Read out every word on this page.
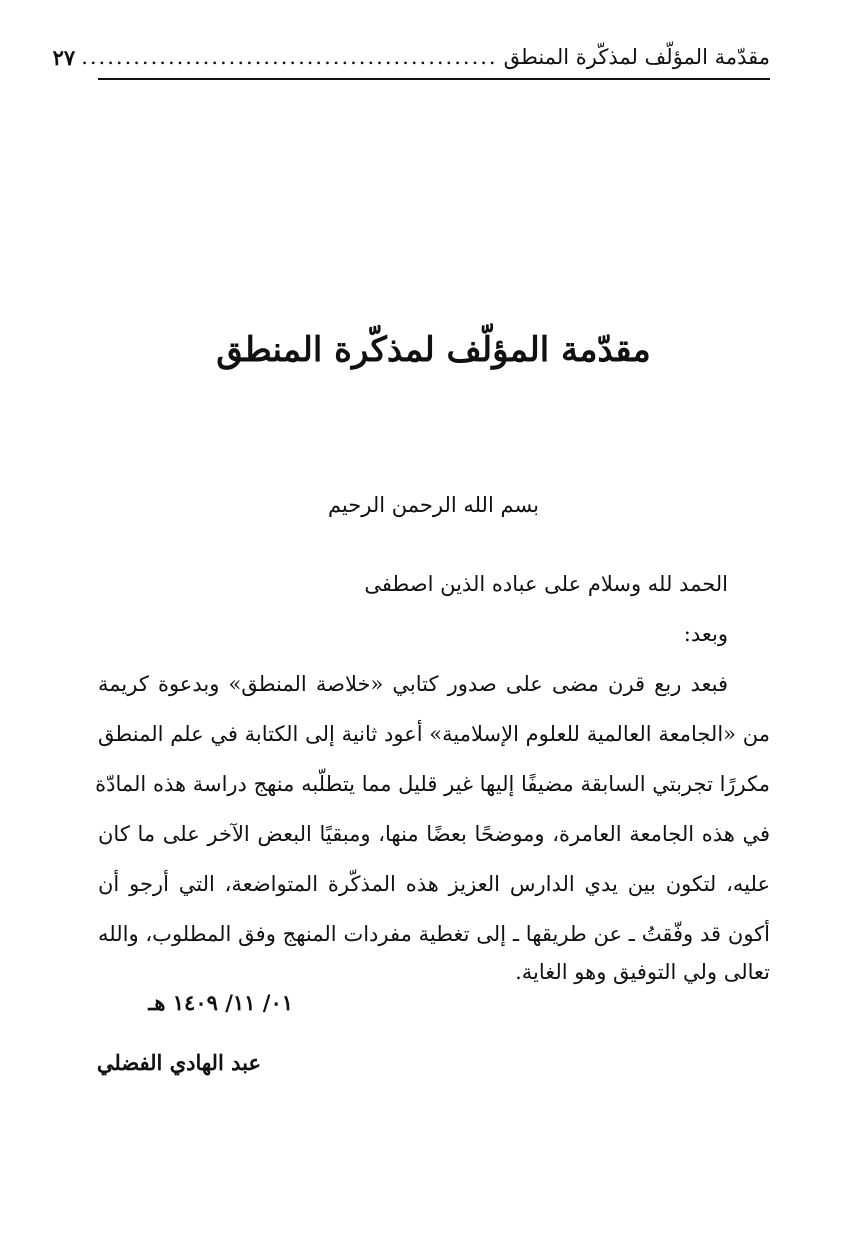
مقدّمة المؤلّف لمذكّرة المنطق
................................................
٢٧
مقدّمة المؤلّف لمذكّرة المنطق
بسم الله الرحمن الرحيم
الحمد لله وسلام على عباده الذين اصطفى
وبعد:
فبعد ربع قرن مضى على صدور كتابي «خلاصة المنطق» وبدعوة كريمة
من «الجامعة العالمية للعلوم الإسلامية» أعود ثانية إلى الكتابة في علم المنطق
مكررًا تجربتي السابقة مضيفًا إليها غير قليل مما يتطلّبه منهج دراسة هذه المادّة
في هذه الجامعة العامرة، وموضحًا بعضًا منها، ومبقيًا البعض الآخر على ما كان
عليه، لتكون بين يدي الدارس العزيز هذه المذكّرة المتواضعة، التي أرجو أن
أكون قد وفّقتُ ـ عن طريقها ـ إلى تغطية مفردات المنهج وفق المطلوب، والله
تعالى ولي التوفيق وهو الغاية.
٠١/ ١١/ ١٤٠٩ هـ
عبد الهادي الفضلي
